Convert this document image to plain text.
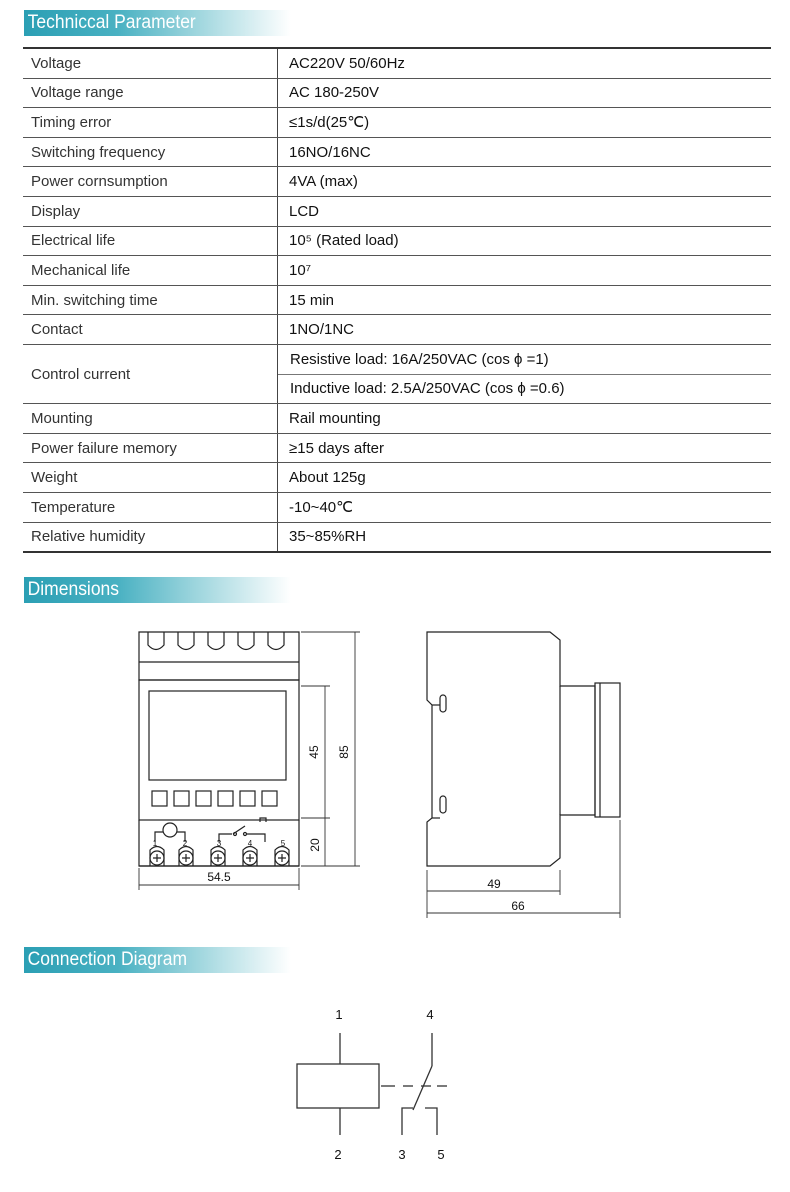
Techniccal Parameter
Voltage	AC220V 50/60Hz
Voltage range	AC 180-250V
Timing error	≤1s/d(25℃)
Switching frequency	16NO/16NC
Power cornsumption	4VA (max)
Display	LCD
Electrical life	10⁵ (Rated load)
Mechanical life	10⁷
Min. switching time	15 min
Contact	1NO/1NC
Control current	Resistive load: 16A/250VAC (cos ϕ =1)
	Inductive load: 2.5A/250VAC (cos ϕ =0.6)
Mounting	Rail mounting
Power failure memory	≥15 days after
Weight	About 125g
Temperature	-10~40℃
Relative humidity	35~85%RH
Dimensions
Connection Diagram
54.5
45
20
85
49
66
1	2	3	4	5
1	4
2	3 5
